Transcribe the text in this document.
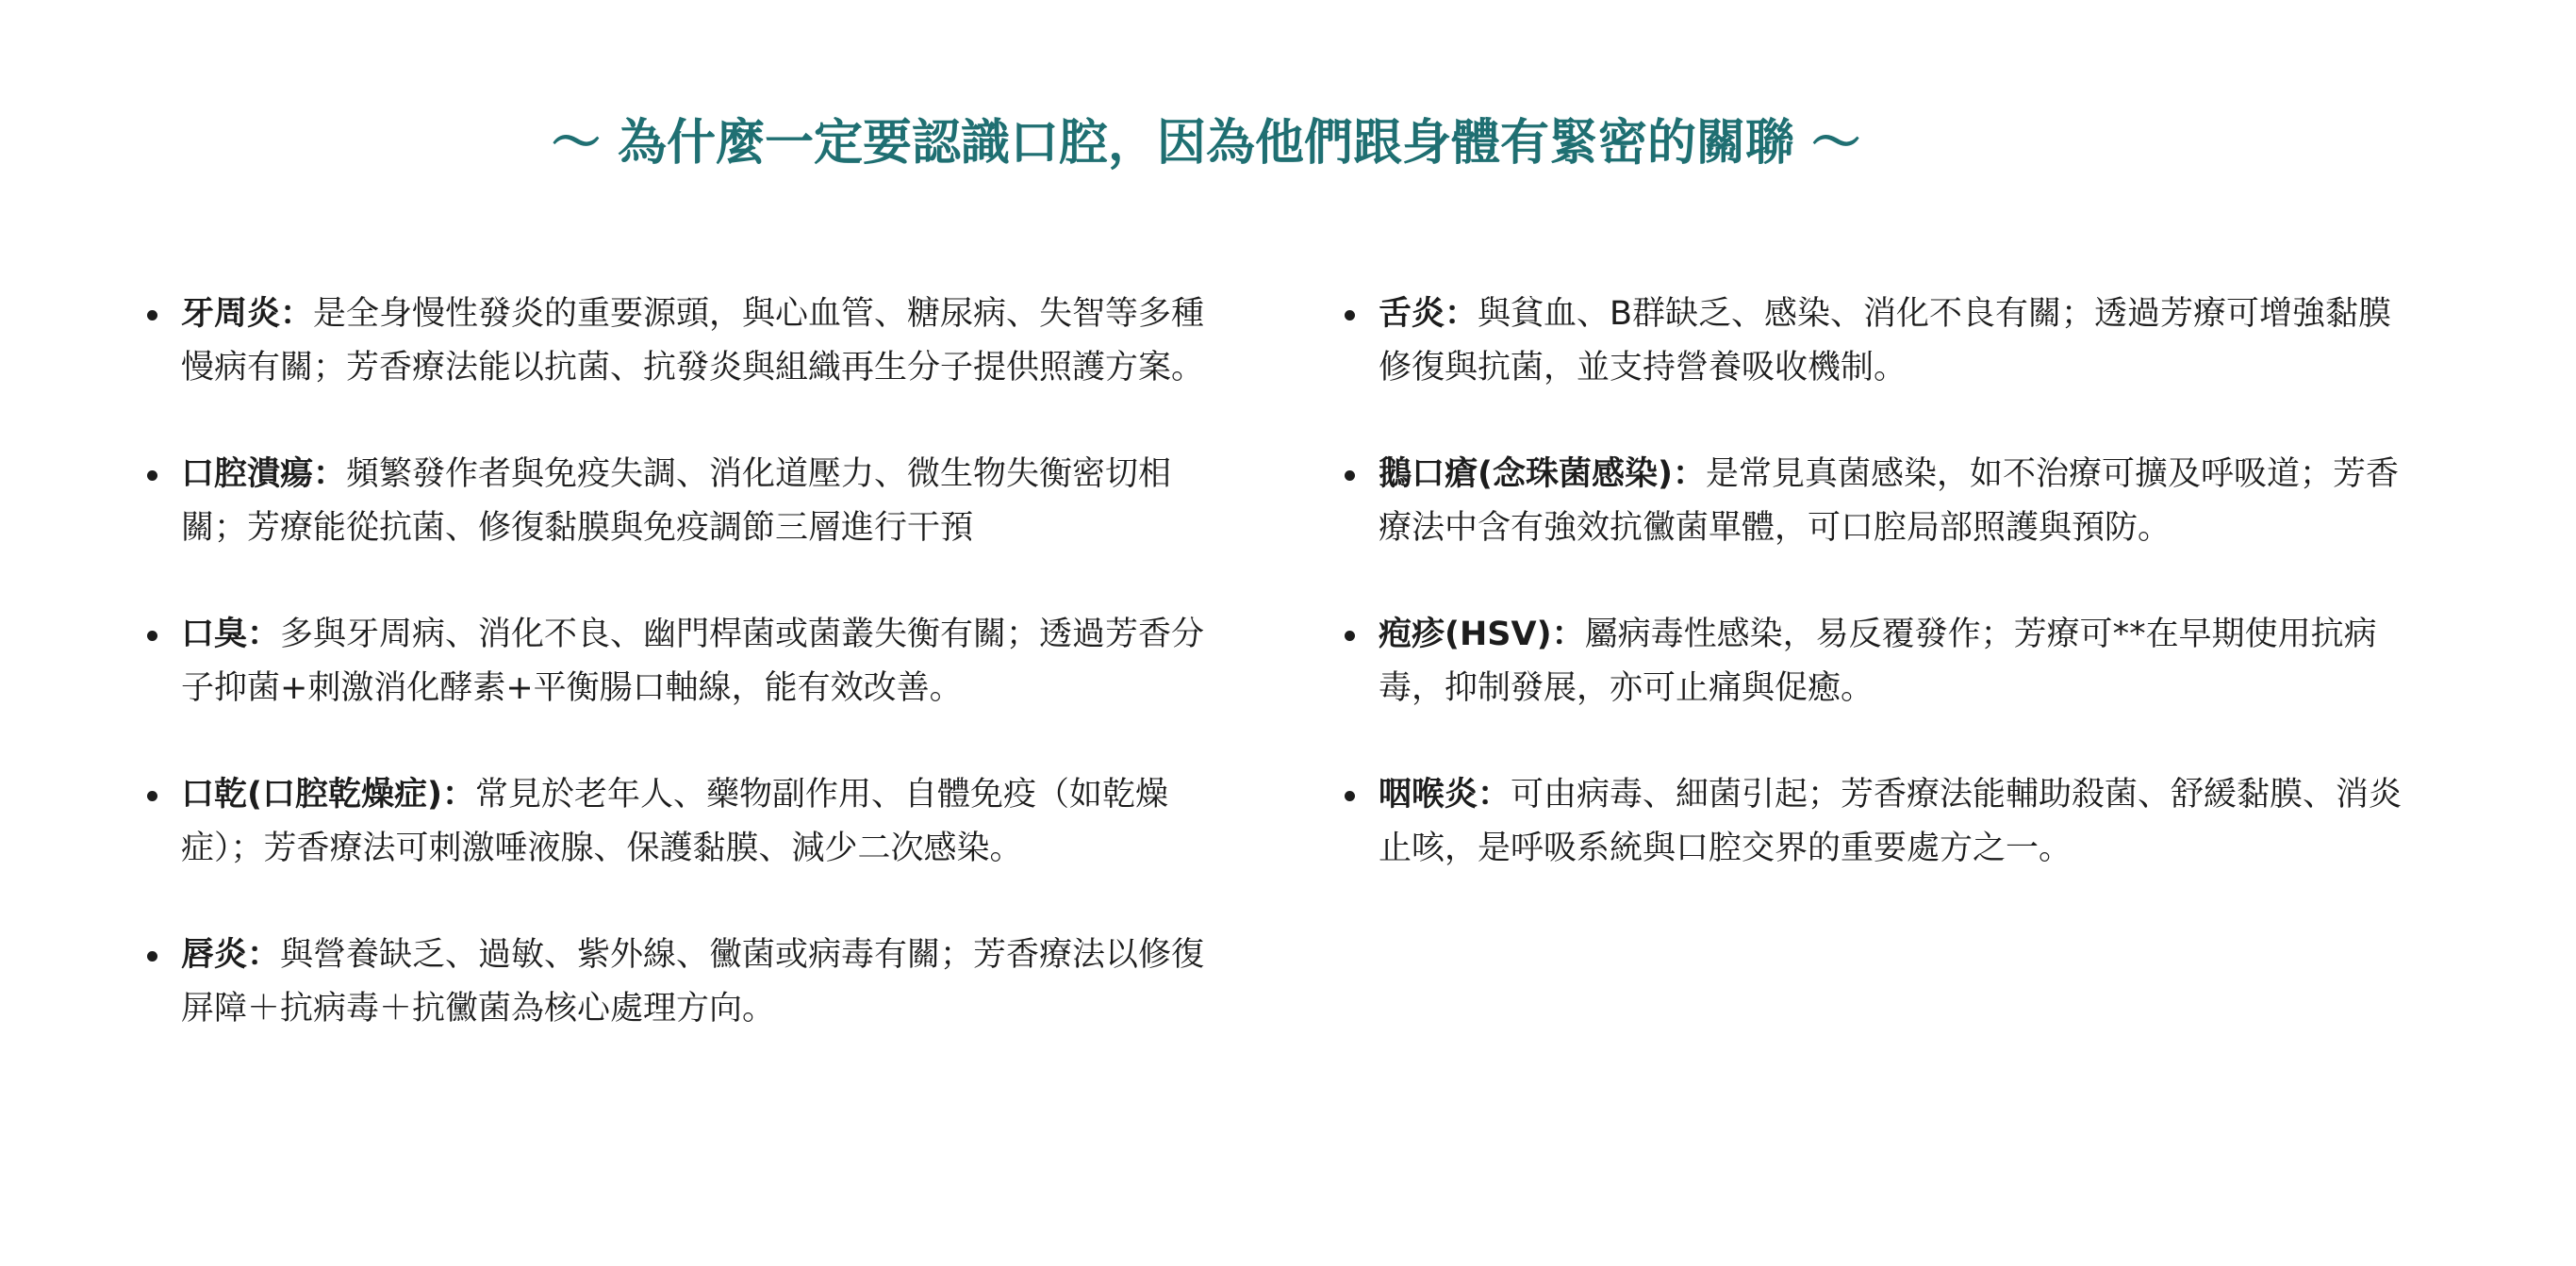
〜 為什麼一定要認識口腔，因為他們跟身體有緊密的關聯 〜
牙周炎：是全身慢性發炎的重要源頭，與心血管、糖尿病、失智等多種慢病有關；芳香療法能以抗菌、抗發炎與組織再生分子提供照護方案。
口腔潰瘍：頻繁發作者與免疫失調、消化道壓力、微生物失衡密切相關；芳療能從抗菌、修復黏膜與免疫調節三層進行干預
口臭：多與牙周病、消化不良、幽門桿菌或菌叢失衡有關；透過芳香分子抑菌+刺激消化酵素+平衡腸口軸線，能有效改善。
口乾(口腔乾燥症)：常見於老年人、藥物副作用、自體免疫（如乾燥症）；芳香療法可刺激唾液腺、保護黏膜、減少二次感染。
唇炎：與營養缺乏、過敏、紫外線、黴菌或病毒有關；芳香療法以修復屏障＋抗病毒＋抗黴菌為核心處理方向。
舌炎：與貧血、B群缺乏、感染、消化不良有關；透過芳療可增強黏膜修復與抗菌，並支持營養吸收機制。
鵝口瘡(念珠菌感染)：是常見真菌感染，如不治療可擴及呼吸道；芳香療法中含有強效抗黴菌單體，可口腔局部照護與預防。
疱疹(HSV)：屬病毒性感染，易反覆發作；芳療可**在早期使用抗病毒，抑制發展，亦可止痛與促癒。
咽喉炎：可由病毒、細菌引起；芳香療法能輔助殺菌、舒緩黏膜、消炎止咳，是呼吸系統與口腔交界的重要處方之一。
